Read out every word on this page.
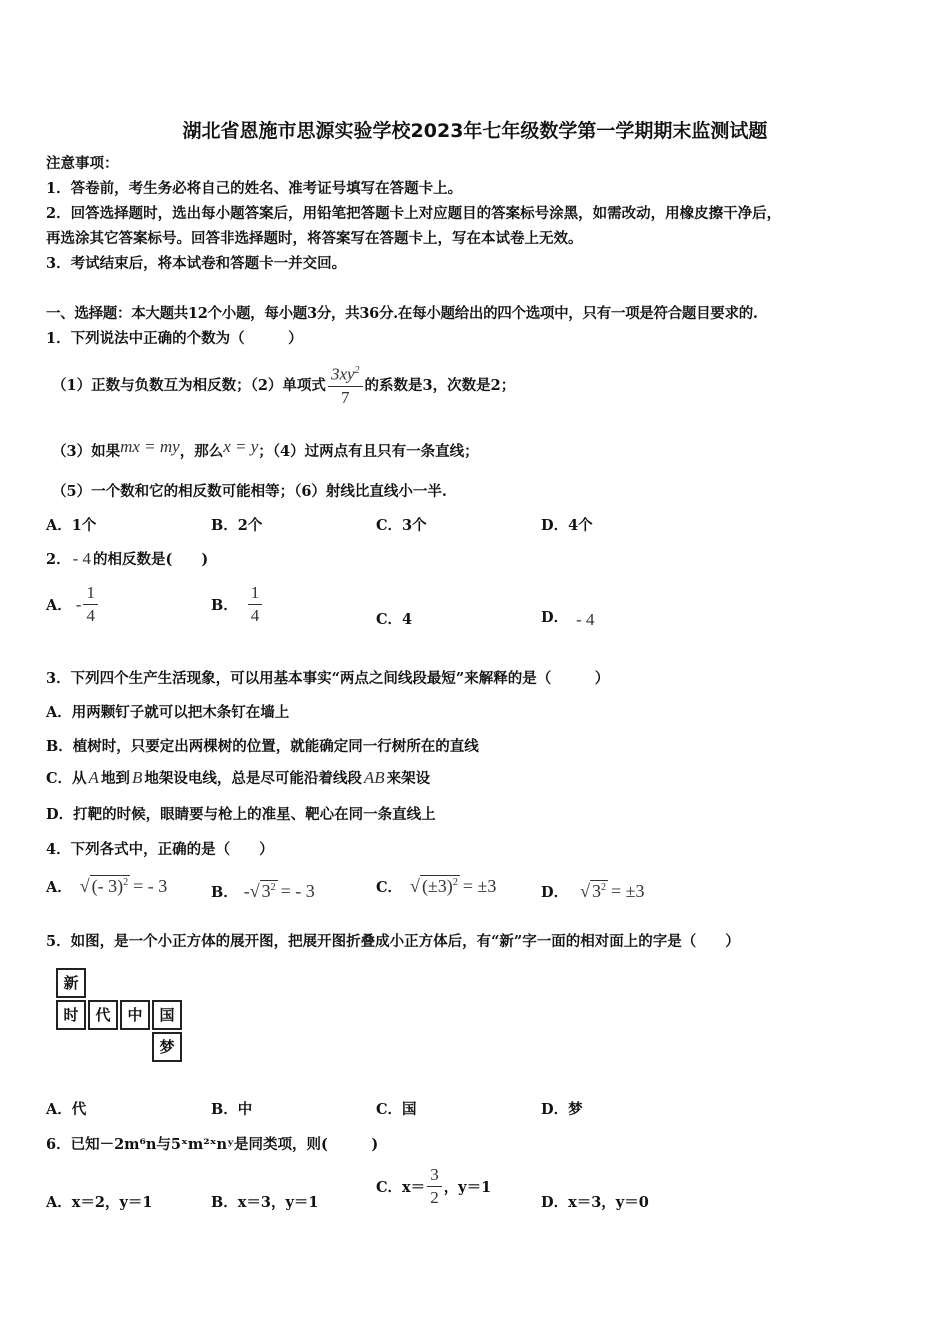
湖北省恩施市思源实验学校2023年七年级数学第一学期期末监测试题
注意事项：
1．答卷前，考生务必将自己的姓名、准考证号填写在答题卡上。
2．回答选择题时，选出每小题答案后，用铅笔把答题卡上对应题目的答案标号涂黑，如需改动，用橡皮擦干净后，
再选涂其它答案标号。回答非选择题时，将答案写在答题卡上，写在本试卷上无效。
3．考试结束后，将本试卷和答题卡一并交回。
一、选择题：本大题共12个小题，每小题3分，共36分.在每小题给出的四个选项中，只有一项是符合题目要求的.
1．下列说法中正确的个数为（　　　）
（1）正数与负数互为相反数；（2）单项式 $\frac{3xy^2}{7}$ 的系数是3，次数是2；
（3）如果 mx = my ，那么 x = y ；（4）过两点有且只有一条直线；
（5）一个数和它的相反数可能相等；（6）射线比直线小一半.
A．1个	B．2个	C．3个	D．4个
2． - 4 的相反数是(　　)
A． - $\frac{1}{4}$	B． $\frac{1}{4}$	C．4	D． - 4
3．下列四个生产生活现象，可以用基本事实“两点之间线段最短”来解释的是（　　　）
A．用两颗钉子就可以把木条钉在墙上
B．植树时，只要定出两棵树的位置，就能确定同一行树所在的直线
C．从 A 地到 B 地架设电线，总是尽可能沿着线段 AB 来架设
D．打靶的时候，眼睛要与枪上的准星、靶心在同一条直线上
4．下列各式中，正确的是（　　）
A． √ (- 3)$^2$ = - 3	B． - √ $3^2$ = - 3	C． √ $(\pm 3)^2 = \pm 3$	D． √ $3^2 = \pm 3$
5．如图，是一个小正方体的展开图，把展开图折叠成小正方体后，有“新”字一面的相对面上的字是（　　）
新
时	代	中	国
梦
A．代	B．中	C．国	D．梦
6．已知－2m⁶n与5ˣm²ˣnʸ是同类项，则(　　　)
A．x＝2，y＝1	B．x＝3，y＝1
C．$x= \frac{3}{2}$ ，y＝1
D．x＝3，y＝0
